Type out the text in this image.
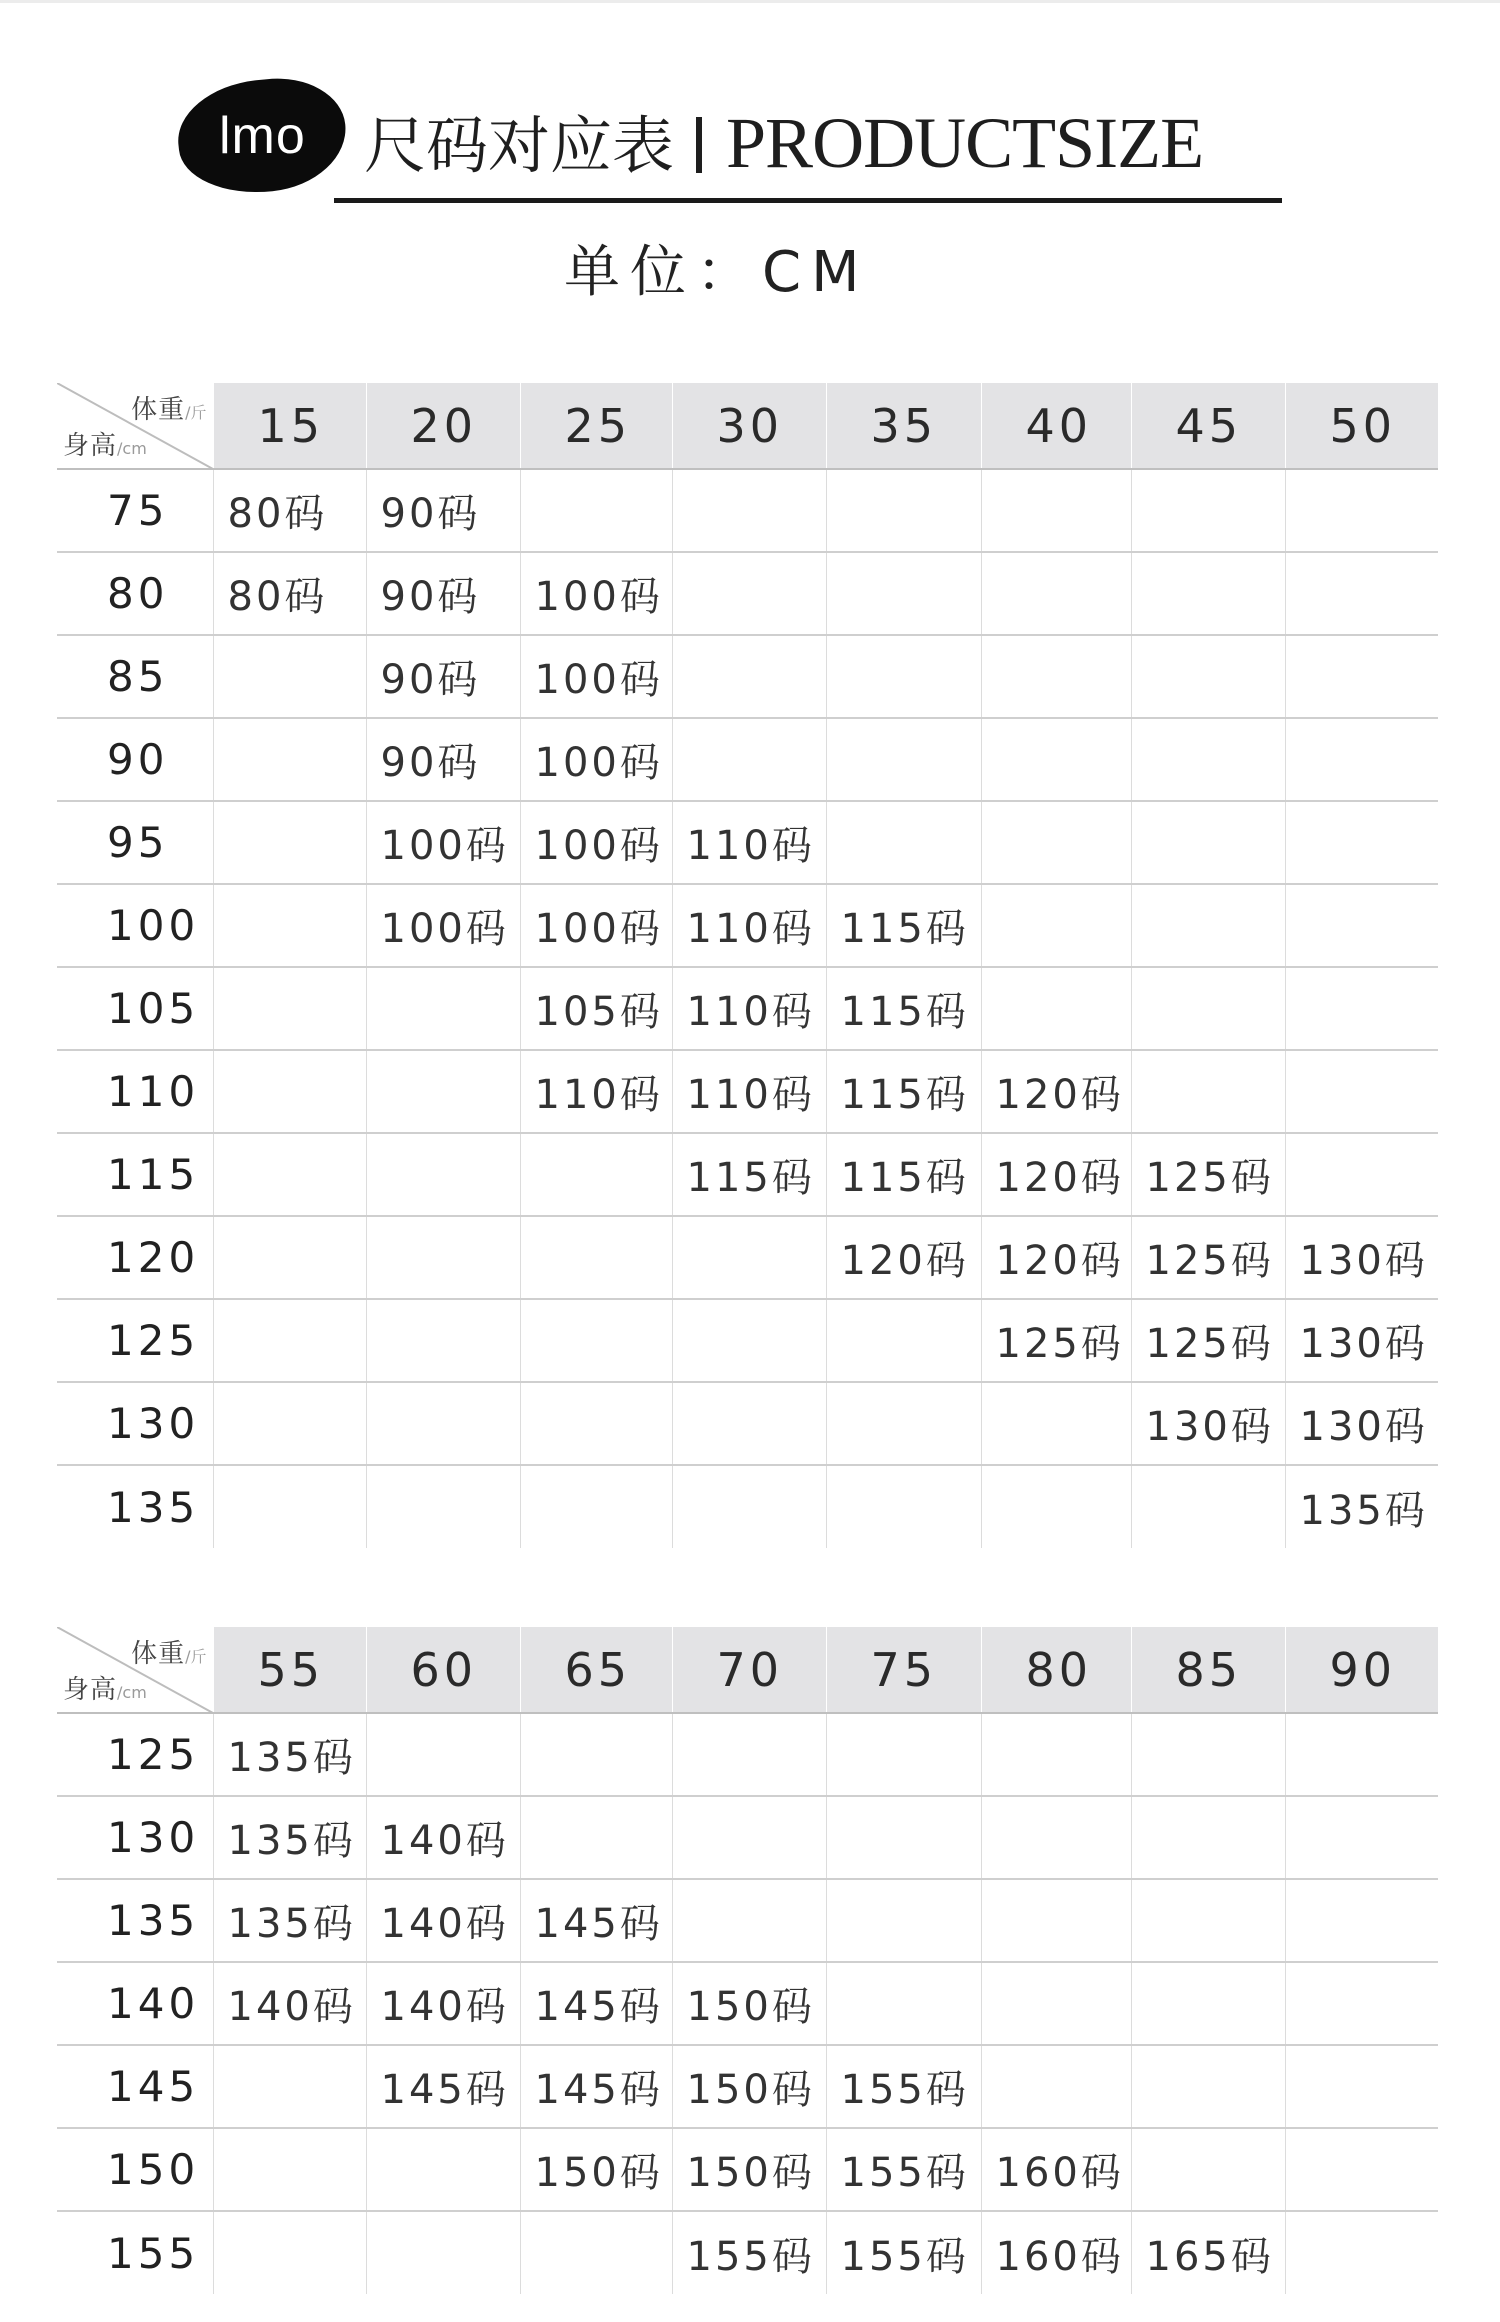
lmo 尺码对应表 PRODUCTSIZE
单位：CM
体重/斤
身高/cm	15	20	25	30	35	40	45	50
75	80码	90码						
80	80码	90码	100码					
85		90码	100码					
90		90码	100码					
95		100码	100码	110码				
100		100码	100码	110码	115码			
105			105码	110码	115码			
110			110码	110码	115码	120码		
115				115码	115码	120码	125码	
120					120码	120码	125码	130码
125						125码	125码	130码
130							130码	130码
135								135码
体重/斤
身高/cm	55	60	65	70	75	80	85	90
125	135码							
130	135码	140码						
135	135码	140码	145码					
140	140码	140码	145码	150码				
145		145码	145码	150码	155码			
150			150码	150码	155码	160码		
155				155码	155码	160码	165码	
